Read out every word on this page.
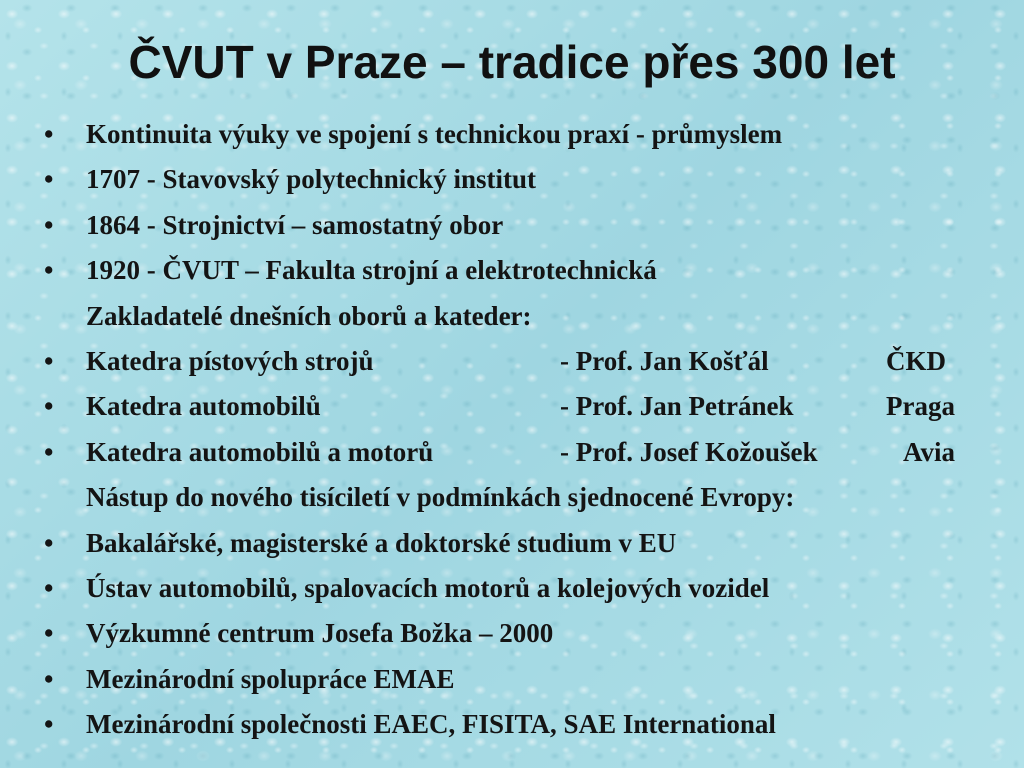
ČVUT v Praze – tradice přes 300 let
• Kontinuita výuky ve spojení s technickou praxí - průmyslem
• 1707 - Stavovský polytechnický institut
• 1864 - Strojnictví – samostatný obor
• 1920 - ČVUT – Fakulta strojní a elektrotechnická
Zakladatelé dnešních oborů a kateder:
• Katedra pístových strojů	- Prof. Jan Košťál	ČKD
• Katedra automobilů	- Prof. Jan Petránek	Praga
• Katedra automobilů a motorů	- Prof. Josef Kožoušek	Avia
Nástup do nového tisíciletí v podmínkách sjednocené Evropy:
• Bakalářské, magisterské a doktorské studium v EU
• Ústav automobilů, spalovacích motorů a kolejových vozidel
• Výzkumné centrum Josefa Božka – 2000
• Mezinárodní spolupráce EMAE
• Mezinárodní společnosti EAEC, FISITA, SAE International
